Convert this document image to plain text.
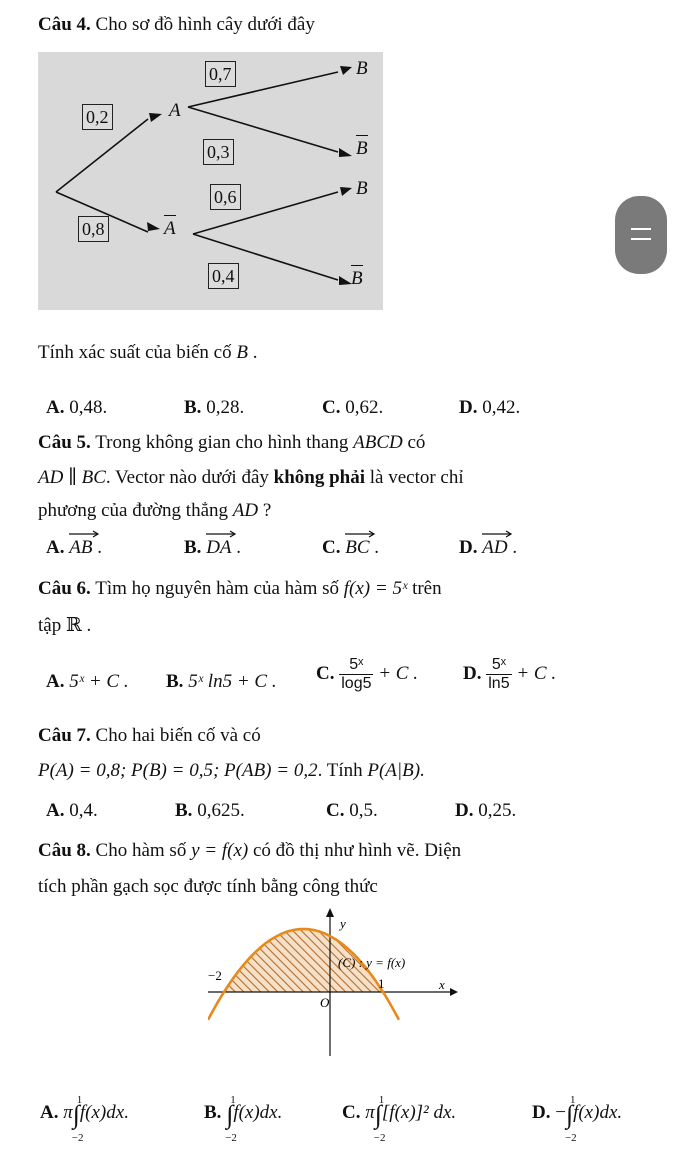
Câu 4. Cho sơ đồ hình cây dưới đây
0,7
0,2
0,3
0,6
0,8
0,4
A
A
B
B
B
B
Tính xác suất của biến cố B .
A. 0,48.	B. 0,28.	C. 0,62.	D. 0,42.
Câu 5. Trong không gian cho hình thang ABCD có
AD ∥ BC. Vector nào dưới đây không phải là vector chỉ
phương của đường thẳng AD ?
A. AB .	B. DA .	C. BC .	D. AD .
Câu 6. Tìm họ nguyên hàm của hàm số f(x) = 5ˣ trên
tập ℝ .
A. 5ˣ + C . B. 5ˣ ln5 + C . C. $\frac{\text{5ˣ}}{\log 5} + C$ . D. $\frac{\text{5ˣ}}{\ln 5} + C$ .
Câu 7. Cho hai biến cố và có
P(A) = 0,8; P(B) = 0,5; P(AB) = 0,2. Tính P(A|B).
A. 0,4.	B. 0,625.	C. 0,5.	D. 0,25.
Câu 8. Cho hàm số y = f(x) có đồ thị như hình vẽ. Diện
tích phần gạch sọc được tính bằng công thức
y
x
O
−2
1
(C) : y = f(x)
A. π∫
1
−2
f(x)dx.	B. ∫
1
−2
f(x)dx.	C. π∫
1
−2
[f(x)]² dx.	D. −∫
1
−2
f(x)dx.
